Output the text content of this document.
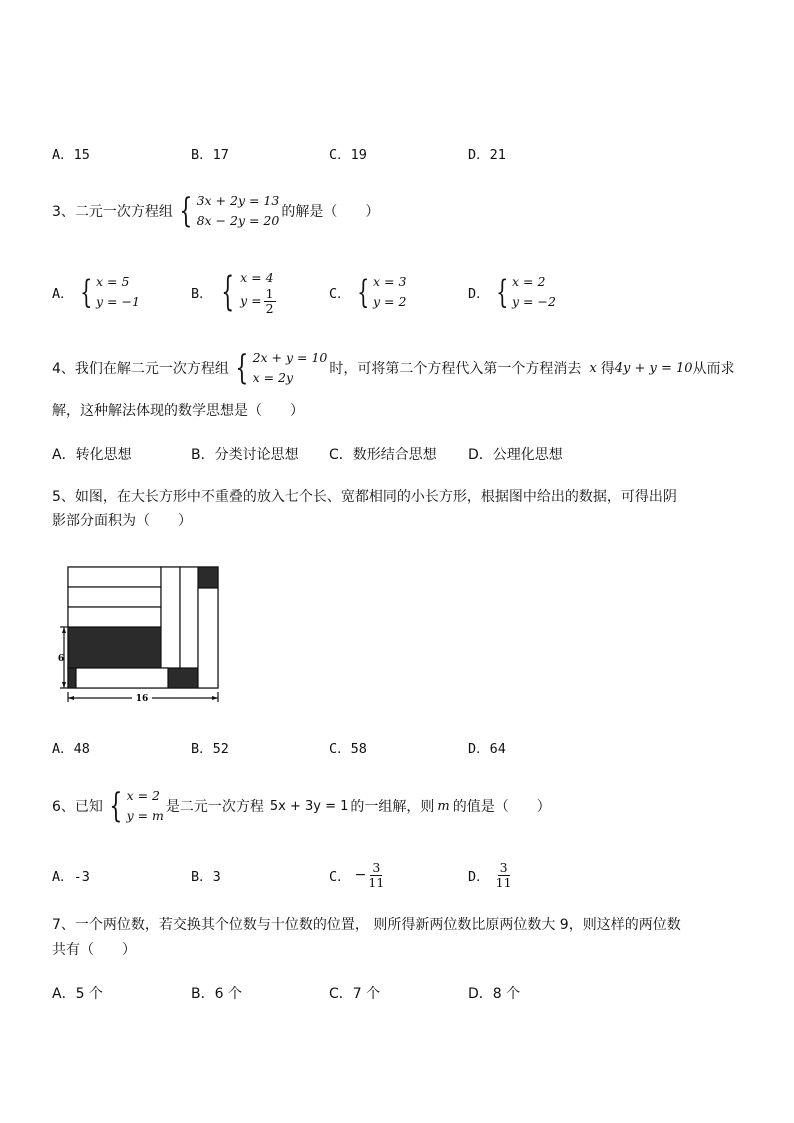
A．15	B．17	C．19	D．21
3、二元一次方程组 { 3x + 2y = 13
8x − 2y = 20
的解是（　　）
A． { x = 5
y = −1	B． { x = 4
$y = \frac{1}{2}$	C． { x = 3
y = 2	D． { x = 2
y = −2
4、我们在解二元一次方程组 { 2x + y = 10
x = 2y
时，可将第二个方程代入第一个方程消去 x 得 4y + y = 10 从而求
解，这种解法体现的数学思想是（　　）
A．转化思想	B．分类讨论思想 C．数形结合思想 D．公理化思想
5、如图，在大长方形中不重叠的放入七个长、宽都相同的小长方形，根据图中给出的数据，可得出阴
影部分面积为（　　）
6
16
A．48	B．52	C．58	D．64
6、已知 { x = 2
y = m
是二元一次方程 5x + 3y = 1 的一组解，则 m 的值是（　　）
A．-3	B．3	C． − $\frac{3}{11}$	D． $\frac{3}{11}$
7、一个两位数，若交换其个位数与十位数的位置， 则所得新两位数比原两位数大 9，则这样的两位数
共有（　　）
A．5 个	B．6 个	C．7 个	D．8 个
